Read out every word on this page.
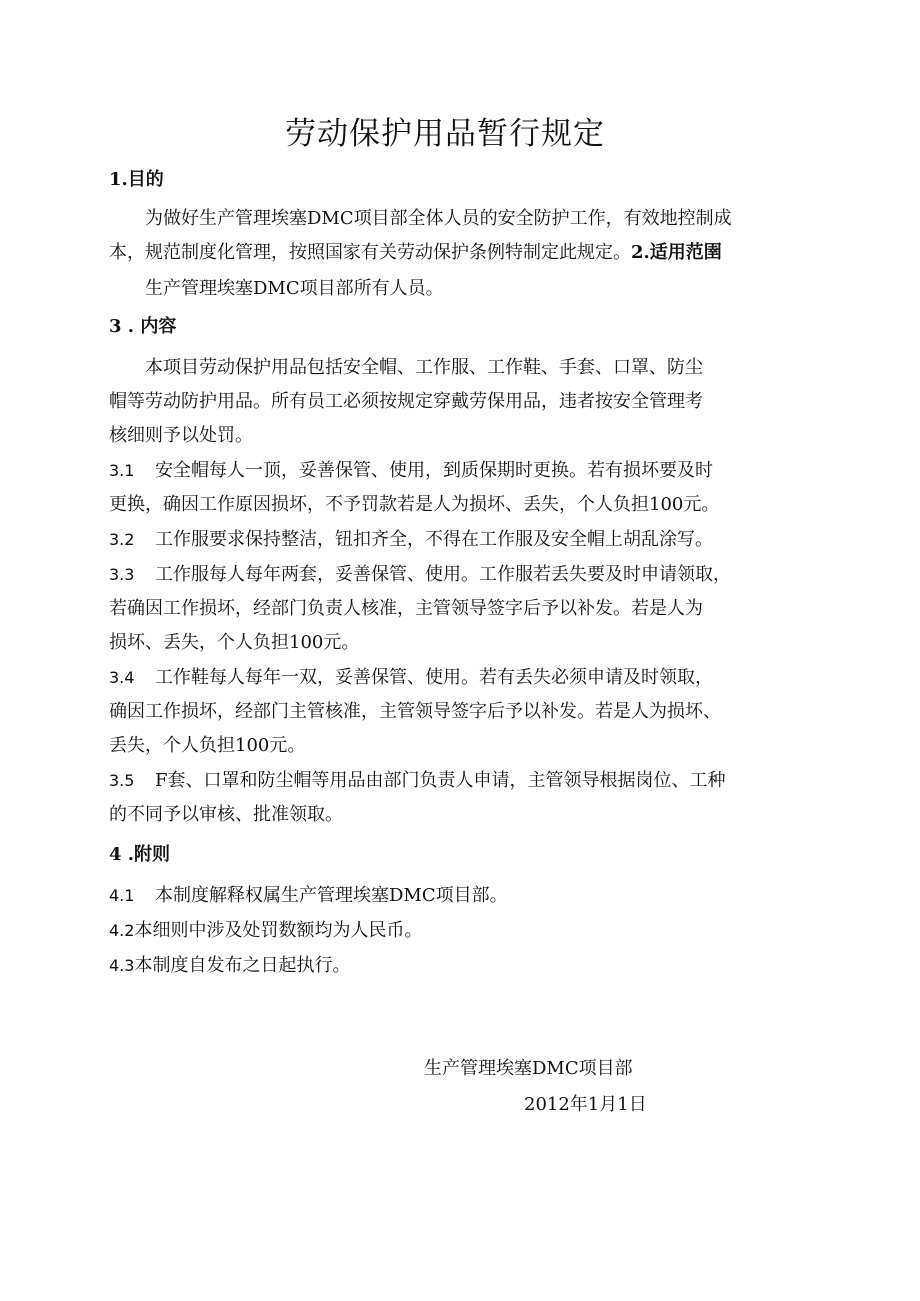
劳动保护用品暂行规定

1.目的

为做好生产管理埃塞DMC项目部全体人员的安全防护工作，有效地控制成
本，规范制度化管理，按照国家有关劳动保护条例特制定此规定。2.适用范圉
生产管理埃塞DMC项目部所有人员。

3 . 内容

本项目劳动保护用品包括安全帽、工作服、工作鞋、手套、口罩、防尘
帽等劳动防护用品。所有员工必须按规定穿戴劳保用品，违者按安全管理考
核细则予以处罚。
3.1 安全帽每人一顶，妥善保管、使用，到质保期时更换。若有损坏要及时
更换，确因工作原因损坏，不予罚款若是人为损坏、丢失，个人负担100元。
3.2 工作服要求保持整洁，钮扣齐全，不得在工作服及安全帽上胡乱涂写。
3.3 工作服每人每年两套，妥善保管、使用。工作服若丢失要及时申请领取，
若确因工作损坏，经部门负责人核准，主管领导签字后予以补发。若是人为
损坏、丢失，个人负担100元。
3.4 工作鞋每人每年一双，妥善保管、使用。若有丢失必须申请及时领取，
确因工作损坏，经部门主管核准，主管领导签字后予以补发。若是人为损坏、
丢失，个人负担100元。
3.5 F套、口罩和防尘帽等用品由部门负责人申请，主管领导根据岗位、工种
的不同予以审核、批准领取。

4 .附则

4.1 本制度解释权属生产管理埃塞DMC项目部。
4.2本细则中涉及处罚数额均为人民币。
4.3本制度自发布之日起执行。

生产管理埃塞DMC项目部

2012年1月1日
